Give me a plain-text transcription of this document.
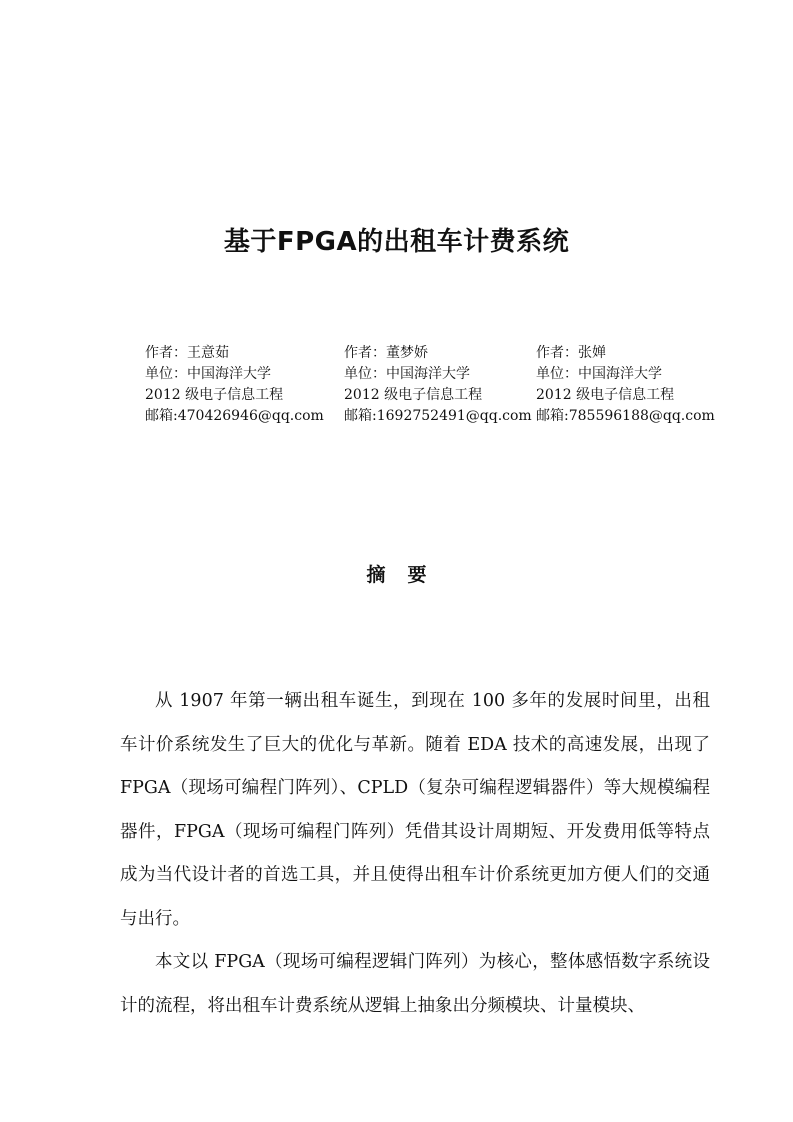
基于FPGA的出租车计费系统
作者：王意茹
单位：中国海洋大学
2012 级电子信息工程
邮箱:470426946@qq.com
作者：董梦娇
单位：中国海洋大学
2012 级电子信息工程
邮箱:1692752491@qq.com
作者：张婵
单位：中国海洋大学
2012 级电子信息工程
邮箱:785596188@qq.com
摘要

从 1907 年第一辆出租车诞生，到现在 100 多年的发展时间里，出租车计价系统发生了巨大的优化与革新。随着 EDA 技术的高速发展，出现了 FPGA（现场可编程门阵列）、CPLD（复杂可编程逻辑器件）等大规模编程器件，FPGA（现场可编程门阵列）凭借其设计周期短、开发费用低等特点成为当代设计者的首选工具，并且使得出租车计价系统更加方便人们的交通与出行。

本文以 FPGA（现场可编程逻辑门阵列）为核心，整体感悟数字系统设计的流程，将出租车计费系统从逻辑上抽象出分频模块、计量模块、
